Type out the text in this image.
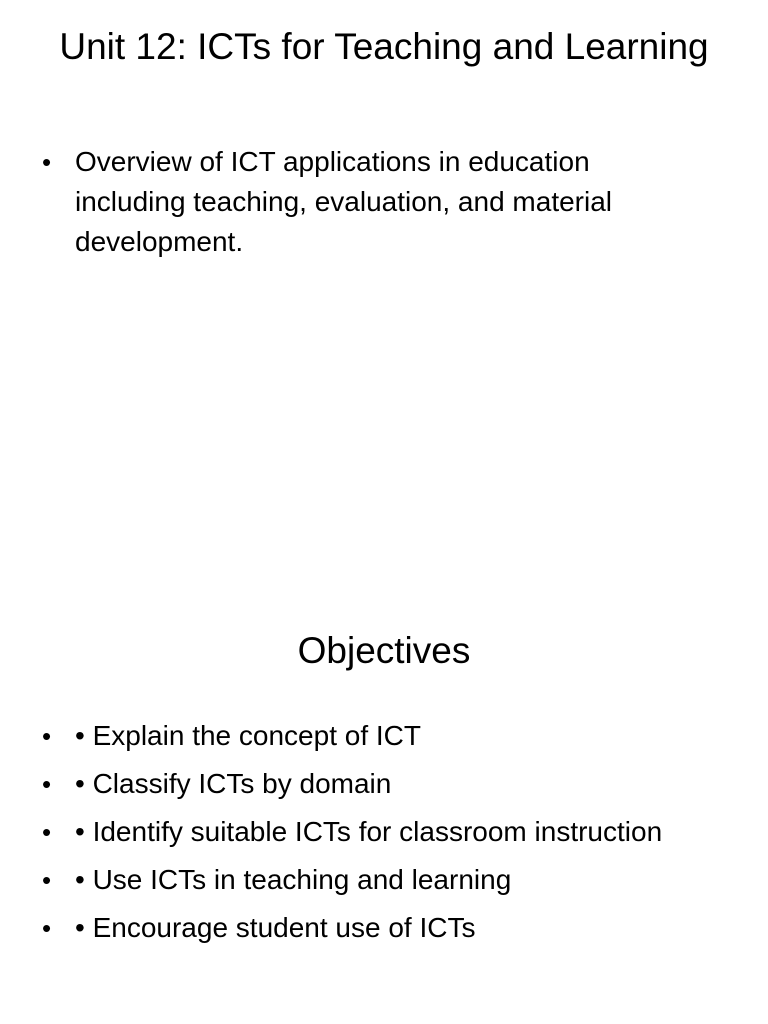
Unit 12: ICTs for Teaching and Learning
• Overview of ICT applications in education including teaching, evaluation, and material development.
Objectives
• • Explain the concept of ICT
• • Classify ICTs by domain
• • Identify suitable ICTs for classroom instruction
• • Use ICTs in teaching and learning
• • Encourage student use of ICTs
